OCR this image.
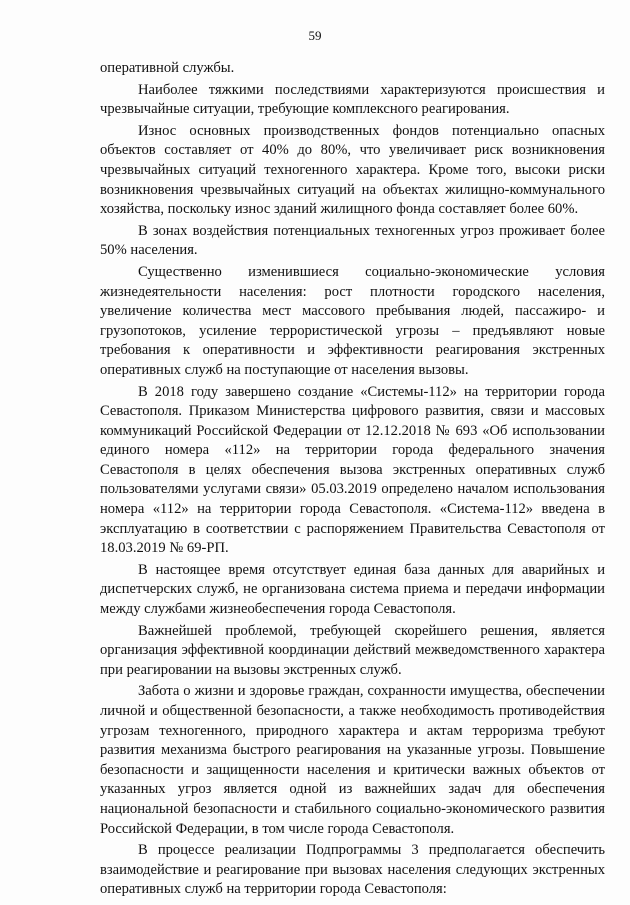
59

оперативной службы.

Наиболее тяжкими последствиями характеризуются происшествия и чрезвычайные ситуации, требующие комплексного реагирования.

Износ основных производственных фондов потенциально опасных объектов составляет от 40% до 80%, что увеличивает риск возникновения чрезвычайных ситуаций техногенного характера. Кроме того, высоки риски возникновения чрезвычайных ситуаций на объектах жилищно-коммунального хозяйства, поскольку износ зданий жилищного фонда составляет более 60%.

В зонах воздействия потенциальных техногенных угроз проживает более 50% населения.

Существенно изменившиеся социально-экономические условия жизнедеятельности населения: рост плотности городского населения, увеличение количества мест массового пребывания людей, пассажиро- и грузопотоков, усиление террористической угрозы – предъявляют новые требования к оперативности и эффективности реагирования экстренных оперативных служб на поступающие от населения вызовы.

В 2018 году завершено создание «Системы-112» на территории города Севастополя. Приказом Министерства цифрового развития, связи и массовых коммуникаций Российской Федерации от 12.12.2018 № 693 «Об использовании единого номера «112» на территории города федерального значения Севастополя в целях обеспечения вызова экстренных оперативных служб пользователями услугами связи» 05.03.2019 определено началом использования номера «112» на территории города Севастополя. «Система-112» введена в эксплуатацию в соответствии с распоряжением Правительства Севастополя от 18.03.2019 № 69-РП.

В настоящее время отсутствует единая база данных для аварийных и диспетчерских служб, не организована система приема и передачи информации между службами жизнеобеспечения города Севастополя.

Важнейшей проблемой, требующей скорейшего решения, является организация эффективной координации действий межведомственного характера при реагировании на вызовы экстренных служб.

Забота о жизни и здоровье граждан, сохранности имущества, обеспечении личной и общественной безопасности, а также необходимость противодействия угрозам техногенного, природного характера и актам терроризма требуют развития механизма быстрого реагирования на указанные угрозы. Повышение безопасности и защищенности населения и критически важных объектов от указанных угроз является одной из важнейших задач для обеспечения национальной безопасности и стабильного социально-экономического развития Российской Федерации, в том числе города Севастополя.

В процессе реализации Подпрограммы 3 предполагается обеспечить взаимодействие и реагирование при вызовах населения следующих экстренных оперативных служб на территории города Севастополя:
